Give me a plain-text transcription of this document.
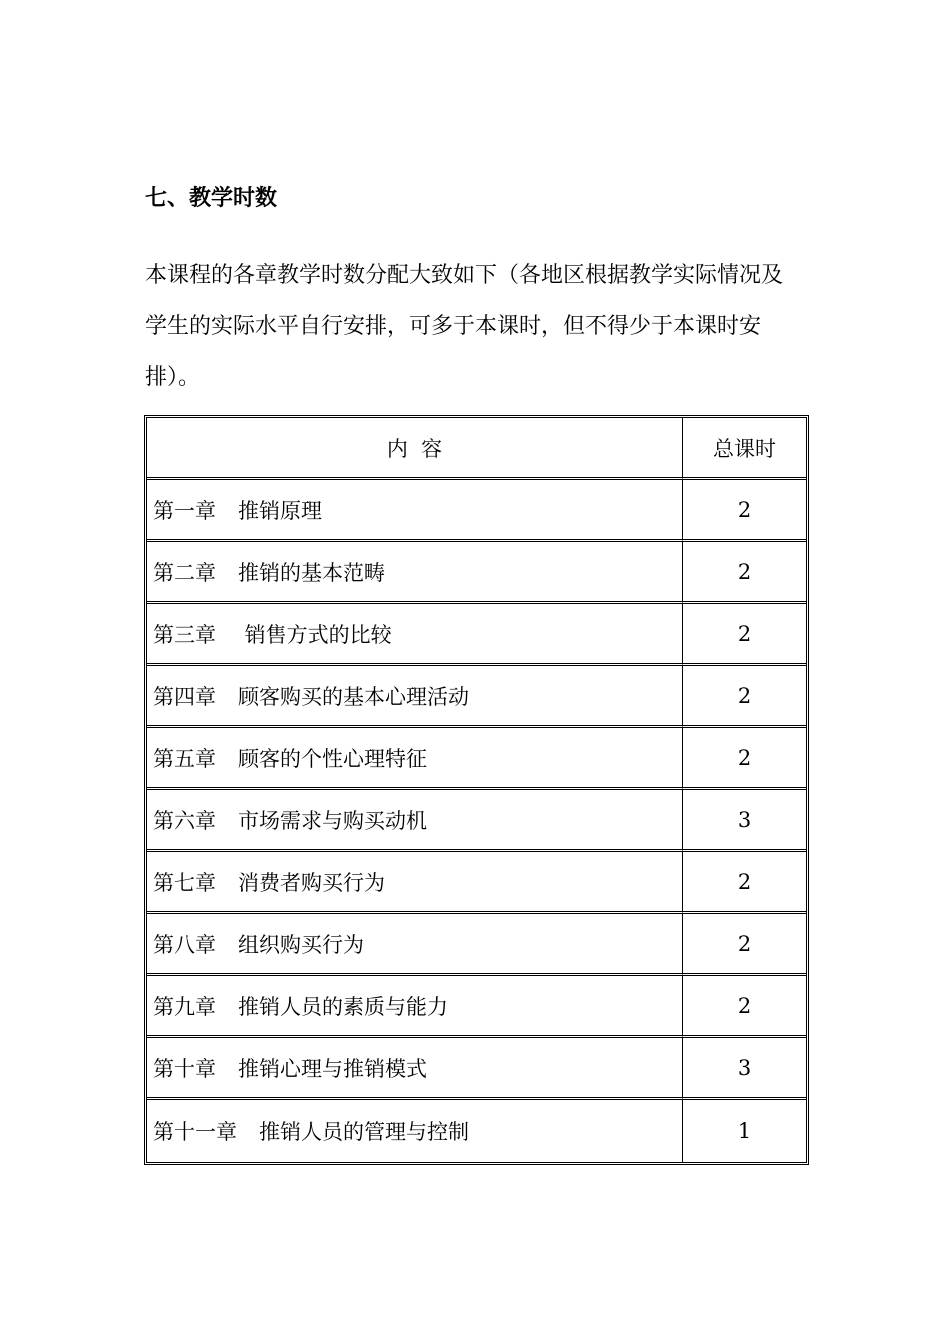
七、教学时数

本课程的各章教学时数分配大致如下（各地区根据教学实际情况及
学生的实际水平自行安排，可多于本课时，但不得少于本课时安
排）。

内  容	总课时
第一章 推销原理	2
第二章 推销的基本范畴	2
第三章 销售方式的比较	2
第四章 顾客购买的基本心理活动	2
第五章 顾客的个性心理特征	2
第六章 市场需求与购买动机	3
第七章 消费者购买行为	2
第八章 组织购买行为	2
第九章 推销人员的素质与能力	2
第十章 推销心理与推销模式	3
第十一章 推销人员的管理与控制	1
